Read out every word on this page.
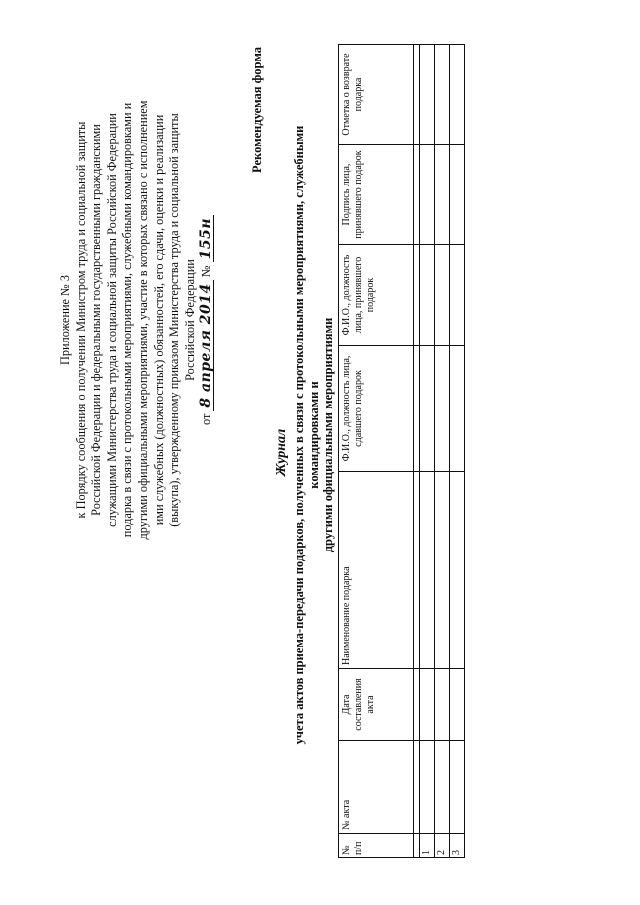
Приложение № 3 к Порядку сообщения о получении Министром труда и социальной защиты Российской Федерации и федеральными государственными гражданскими служащими Министерства труда и социальной защиты Российской Федерации подарка в связи с протокольными мероприятиями, служебными командировками и другими официальными мероприятиями, участие в которых связано с исполнением ими служебных (должностных) обязанностей, его сдачи, оценки и реализации (выкупа), утвержденному приказом Министерства труда и социальной защиты Российской Федерации
от 8 апреля 2014 № 155н
Рекомендуемая форма
Журнал учета актов приема-передачи подарков, полученных в связи с протокольными мероприятиями, служебными командировками и другими официальными мероприятиями
№ п/п	№ акта	Дата составления акта	Наименование подарка	Ф.И.О., должность лица, сдавшего подарок	Ф.И.О., должность лица, принявшего подарок	Подпись лица, принявшего подарок	Отметка о возврате подарка

1							
2							
3							
